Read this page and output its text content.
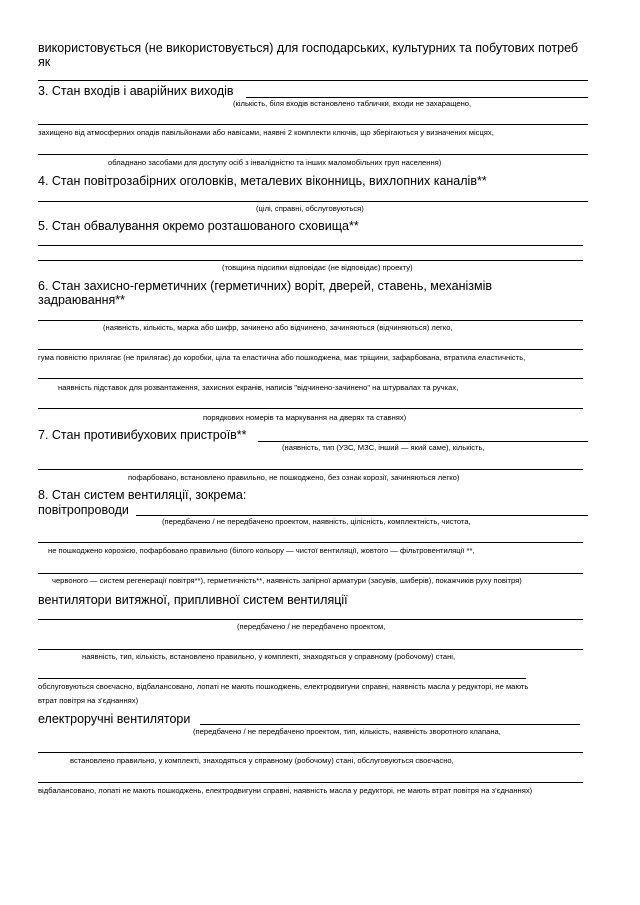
використовується (не використовується) для господарських, культурних та побутових потреб
як
3. Стан входів і аварійних виходів
(кількість, біля входів встановлено таблички, входи не захаращено,
захищено від атмосферних опадів павільйонами або навісами, наявні 2 комплекти ключів, що зберігаються у визначених місцях,
обладнано засобами для доступу осіб з інвалідністю та інших маломобільних груп населення)
4. Стан повітрозабірних оголовків, металевих віконниць, вихлопних каналів**
(цілі, справні, обслуговуються)
5. Стан обвалування окремо розташованого сховища**
(товщина підсипки відповідає (не відповідає) проекту)
6. Стан захисно-герметичних (герметичних) воріт, дверей, ставень, механізмів
задраювання**
(наявність, кількість, марка або шифр, зачинено або відчинено, зачиняються (відчиняються) легко,
гума повністю прилягає (не прилягає) до коробки, ціла та еластична або пошкоджена, має тріщини, зафарбована, втратила еластичність,
наявність підставок для розвантаження, захисних екранів, написів "відчинено-зачинено" на штурвалах та ручках,
порядкових номерів та маркування на дверях та ставнях)
7. Стан противибухових пристроїв**
(наявність, тип (УЗС, МЗС, інший — який саме), кількість,
пофарбовано, встановлено правильно, не пошкоджено, без ознак корозії, зачиняються легко)
8. Стан систем вентиляції, зокрема:
повітропроводи
(передбачено / не передбачено проектом, наявність, цілісність, комплектність, чистота,
не пошкоджено корозією, пофарбовано правильно (білого кольору — чистої вентиляції, жовтого — фільтровентиляції **,
червоного — систем регенерації повітря**), герметичність**, наявність запірної арматури (засувів, шиберів), покажчиків руху повітря)
вентилятори витяжної, припливної систем вентиляції
(передбачено / не передбачено проектом,
наявність, тип, кількість, встановлено правильно, у комплекті, знаходяться у справному (робочому) стані,
обслуговуються своєчасно, відбалансовано, лопаті не мають пошкоджень, електродвигуни справні, наявність масла у редукторі, не мають
втрат повітря на з'єднаннях)
електроручні вентилятори
(передбачено / не передбачено проектом, тип, кількість, наявність зворотного клапана,
встановлено правильно, у комплекті, знаходяться у справному (робочому) стані, обслуговуються своєчасно,
відбалансовано, лопаті не мають пошкоджень, електродвигуни справні, наявність масла у редукторі, не мають втрат повітря на з'єднаннях)
